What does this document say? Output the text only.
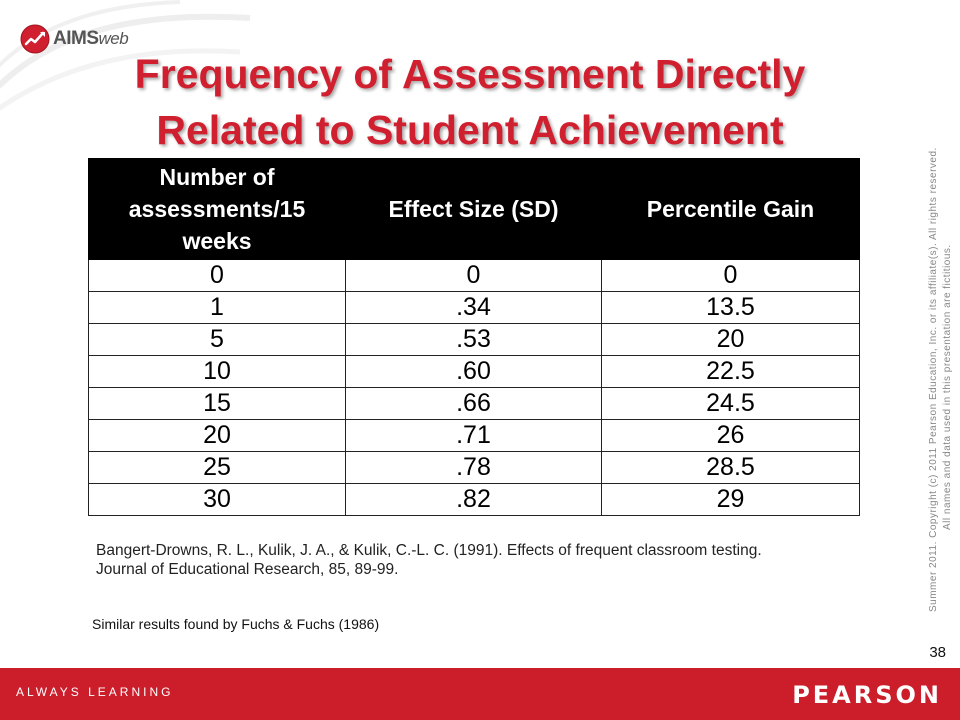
AIMSweb
Frequency of Assessment Directly
Related to Student Achievement
Number of assessments/15 weeks	Effect Size (SD)	Percentile Gain
0	0	0
1	.34	13.5
5	.53	20
10	.60	22.5
15	.66	24.5
20	.71	26
25	.78	28.5
30	.82	29
Bangert-Drowns, R. L., Kulik, J. A., & Kulik, C.-L. C. (1991). Effects of frequent classroom testing.
Journal of Educational Research, 85, 89-99.
Similar results found by Fuchs & Fuchs (1986)
Summer 2011. Copyright (c) 2011 Pearson Education, Inc. or its affiliate(s). All rights reserved. All names and data used in this presentation are fictitious.
38
ALWAYS LEARNING	PEARSON
